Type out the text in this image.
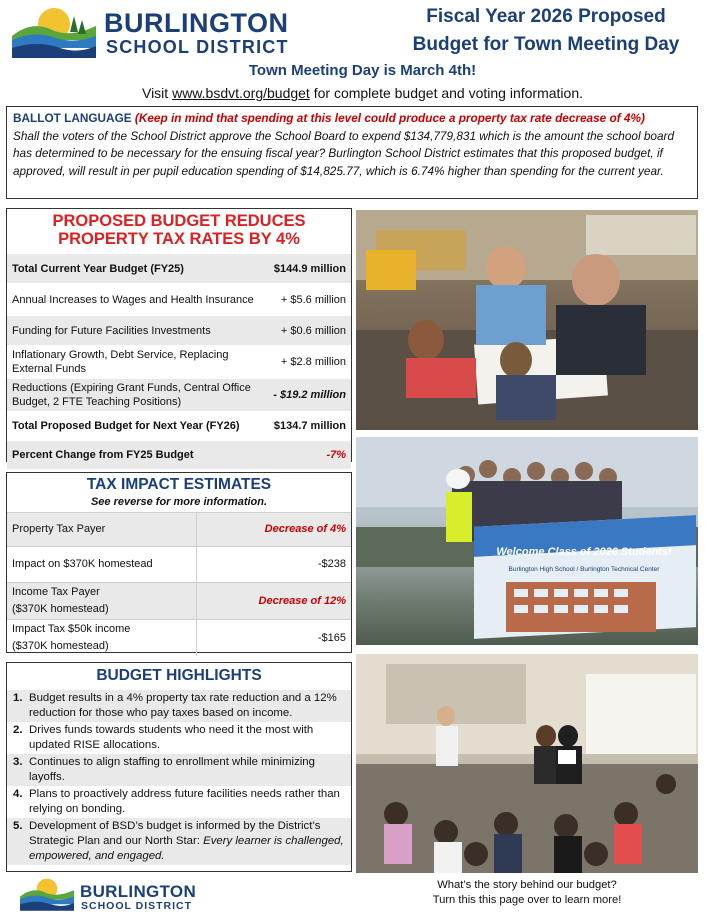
BURLINGTON
SCHOOL DISTRICT
Fiscal Year 2026 Proposed
Budget for Town Meeting Day
Town Meeting Day is March 4th!
Visit www.bsdvt.org/budget for complete budget and voting information.
BALLOT LANGUAGE (Keep in mind that spending at this level could produce a property tax rate decrease of 4%)
Shall the voters of the School District approve the School Board to expend $134,779,831 which is the amount the school board has determined to be necessary for the ensuing fiscal year? Burlington School District estimates that this proposed budget, if approved, will result in per pupil education spending of $14,825.77, which is 6.74% higher than spending for the current year.
PROPOSED BUDGET REDUCES
PROPERTY TAX RATES BY 4%
Total Current Year Budget (FY25)	$144.9 million
Annual Increases to Wages and Health Insurance	+ $5.6 million
Funding for Future Facilities Investments	+ $0.6 million
Inflationary Growth, Debt Service, Replacing External Funds	+ $2.8 million
Reductions (Expiring Grant Funds, Central Office Budget, 2 FTE Teaching Positions)	- $19.2 million
Total Proposed Budget for Next Year (FY26)	$134.7 million
Percent Change from FY25 Budget	-7%
TAX IMPACT ESTIMATES
See reverse for more information.
Property Tax Payer	Decrease of 4%
Impact on $370K homestead	-$238

Income Tax Payer
($370K homestead)	Decrease of 12%

Impact Tax $50k income
($370K homestead)	-$165
BUDGET HIGHLIGHTS
1. Budget results in a 4% property tax rate reduction and a 12% reduction for those who pay taxes based on income.
2. Drives funds towards students who need it the most with updated RISE allocations.
3. Continues to align staffing to enrollment while minimizing layoffs.
4. Plans to proactively address future facilities needs rather than relying on bonding.
5. Development of BSD’s budget is informed by the District’s Strategic Plan and our North Star: Every learner is challenged, empowered, and engaged.
Welcome Class of 2026 Students!
Burlington High School / Burlington Technical Center
What’s the story behind our budget?
Turn this this page over to learn more!
BURLINGTON
SCHOOL DISTRICT
